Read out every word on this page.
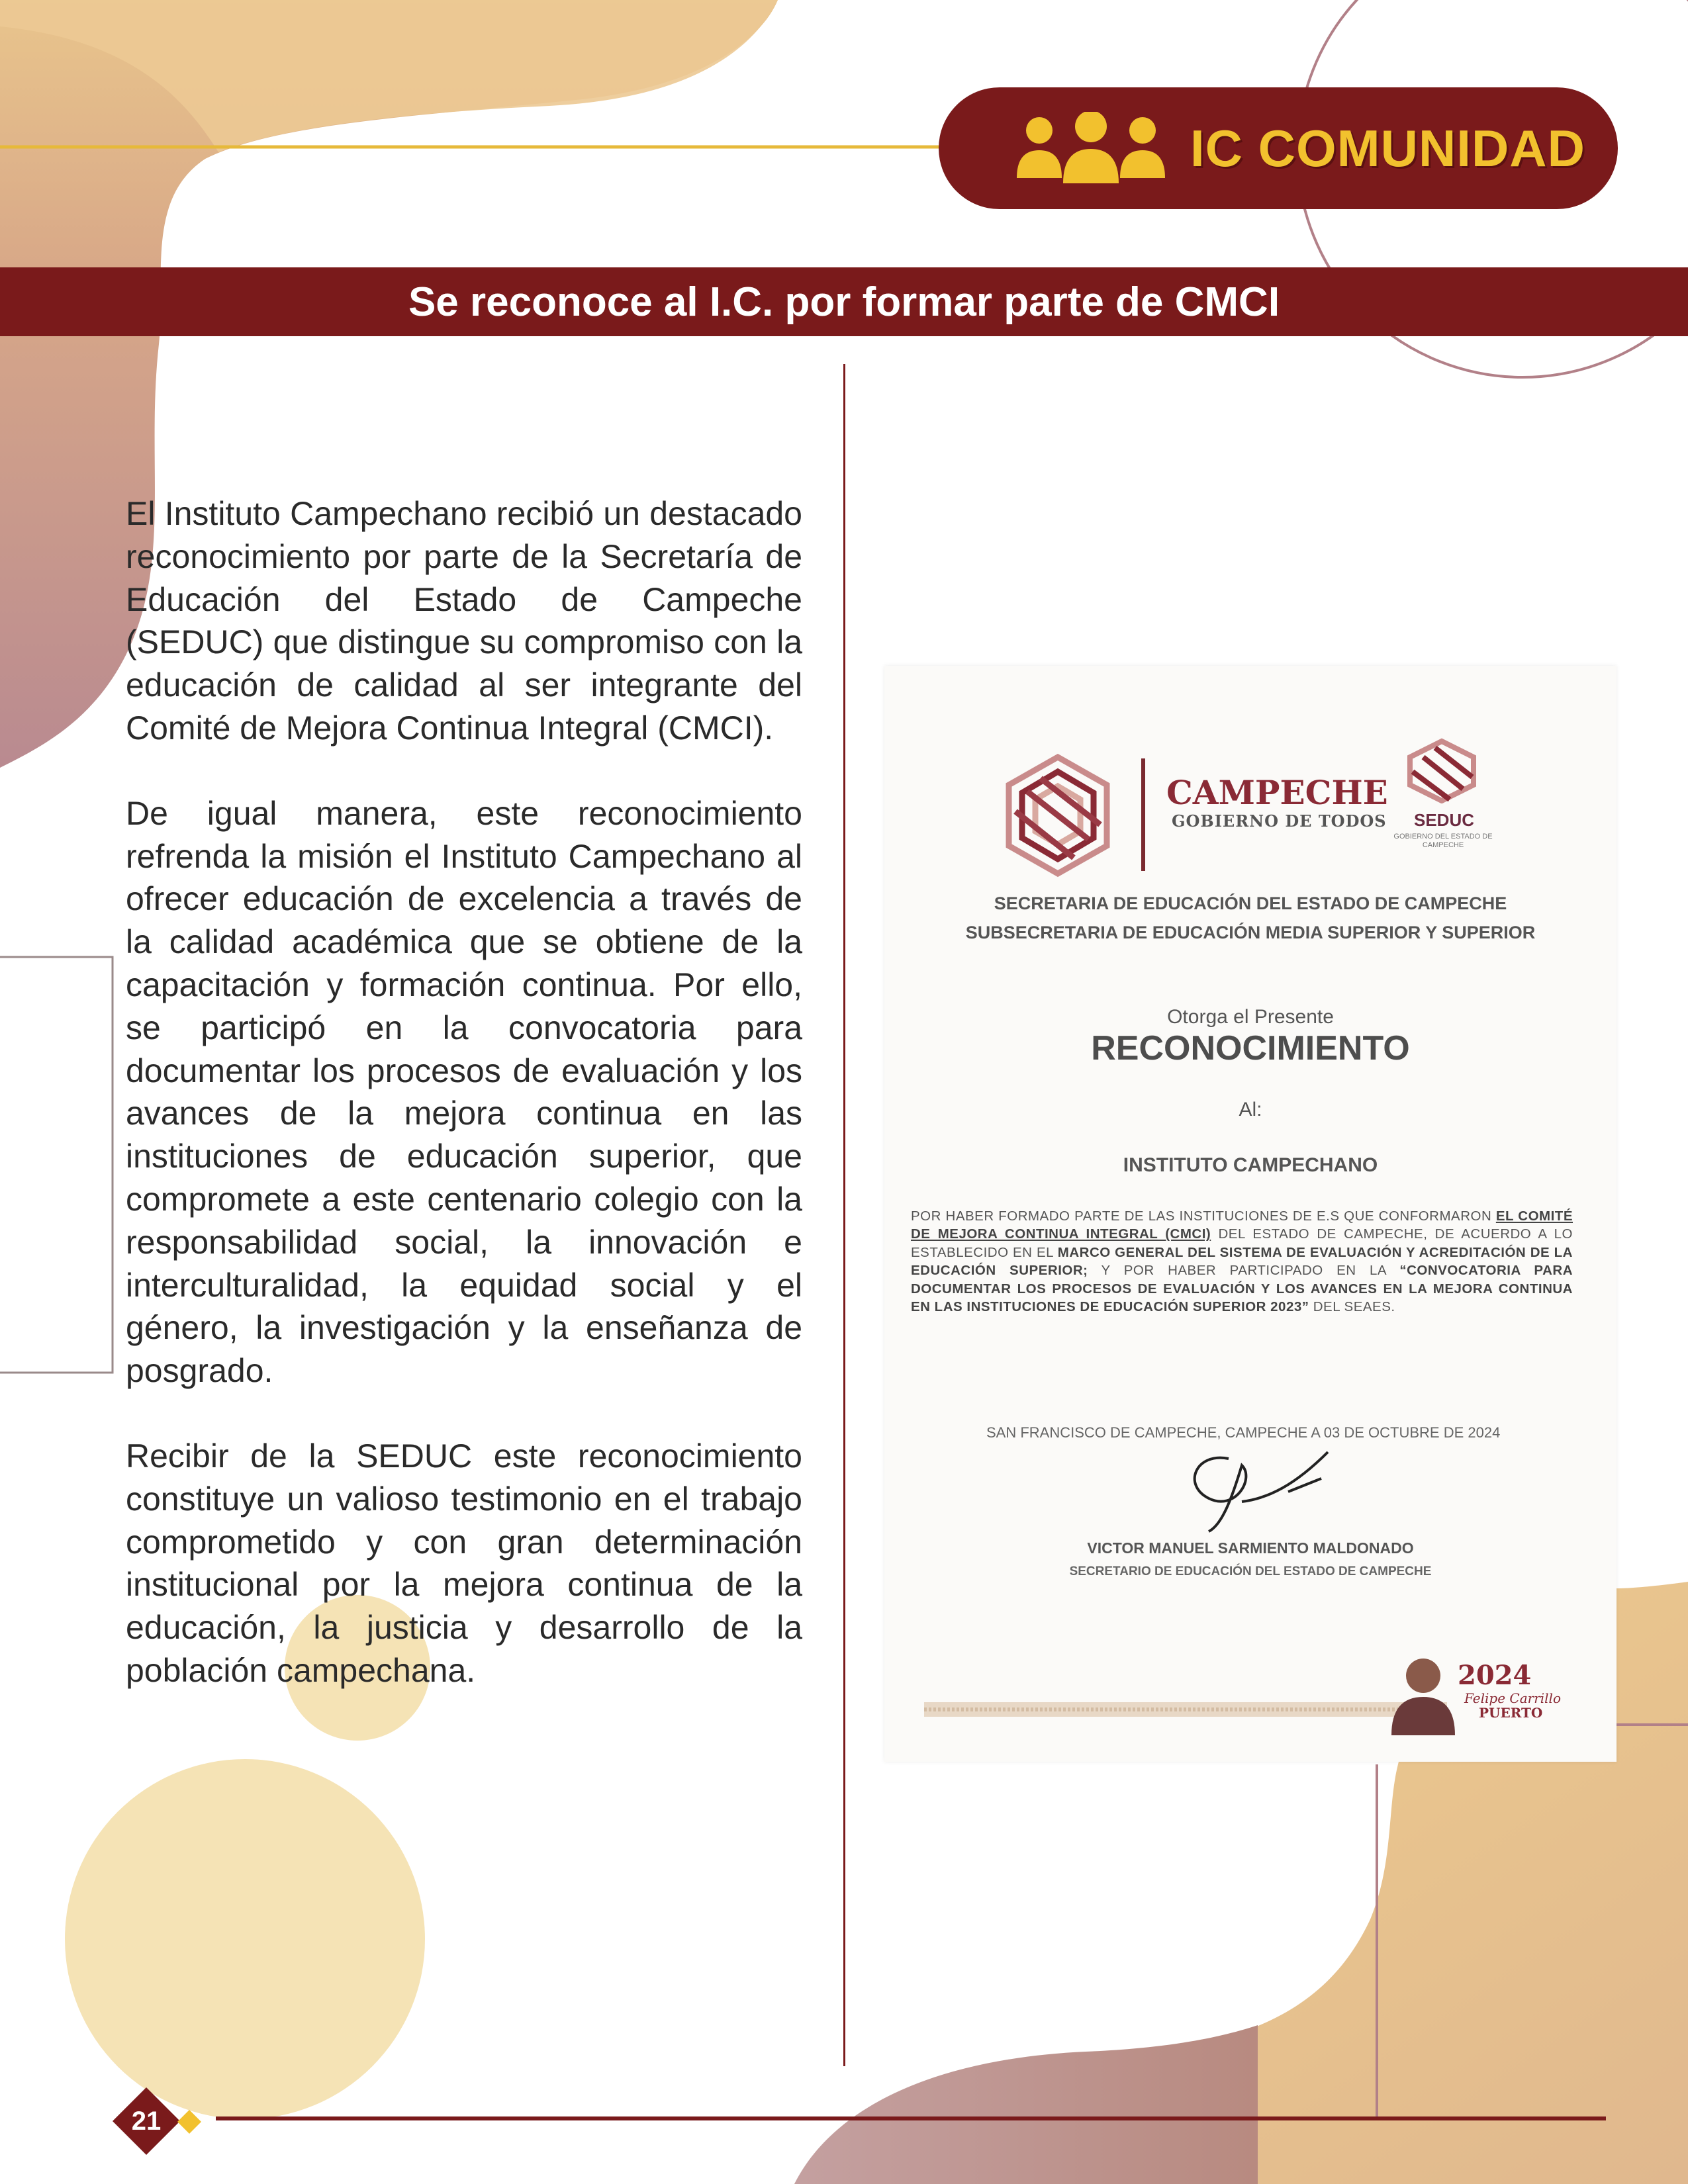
IC COMUNIDAD
Se reconoce al I.C. por formar parte de CMCI

El Instituto Campechano recibió un destacado reconocimiento por parte de la Secretaría de Educación del Estado de Campeche (SEDUC) que distingue su compromiso con la educación de calidad al ser integrante del Comité de Mejora Continua Integral (CMCI).

De igual manera, este reconocimiento refrenda la misión el Instituto Campechano al ofrecer educación de excelencia a través de la calidad académica que se obtiene de la capacitación y formación continua. Por ello, se participó en la convocatoria para documentar los procesos de evaluación y los avances de la mejora continua en las instituciones de educación superior, que compromete a este centenario colegio con la responsabilidad social, la innovación e interculturalidad, la equidad social y el género, la investigación y la enseñanza de posgrado.

Recibir de la SEDUC este reconocimiento constituye un valioso testimonio en el trabajo comprometido y con gran determinación institucional por la mejora continua de la educación, la justicia y desarrollo de la población campechana.

CAMPECHE
GOBIERNO DE TODOS SEDUC
GOBIERNO DEL ESTADO DE CAMPECHE
SECRETARIA DE EDUCACIÓN DEL ESTADO DE CAMPECHE
SUBSECRETARIA DE EDUCACIÓN MEDIA SUPERIOR Y SUPERIOR
Otorga el Presente
RECONOCIMIENTO
Al:
INSTITUTO CAMPECHANO
POR HABER FORMADO PARTE DE LAS INSTITUCIONES DE E.S QUE CONFORMARON EL COMITÉ DE MEJORA CONTINUA INTEGRAL (CMCI) DEL ESTADO DE CAMPECHE, DE ACUERDO A LO ESTABLECIDO EN EL MARCO GENERAL DEL SISTEMA DE EVALUACIÓN Y ACREDITACIÓN DE LA EDUCACIÓN SUPERIOR; Y POR HABER PARTICIPADO EN LA “CONVOCATORIA PARA DOCUMENTAR LOS PROCESOS DE EVALUACIÓN Y LOS AVANCES EN LA MEJORA CONTINUA EN LAS INSTITUCIONES DE EDUCACIÓN SUPERIOR 2023” DEL SEAES.
SAN FRANCISCO DE CAMPECHE, CAMPECHE A 03 DE OCTUBRE DE 2024
VICTOR MANUEL SARMIENTO MALDONADO
SECRETARIO DE EDUCACIÓN DEL ESTADO DE CAMPECHE
2024
Felipe Carrillo
PUERTO
21
